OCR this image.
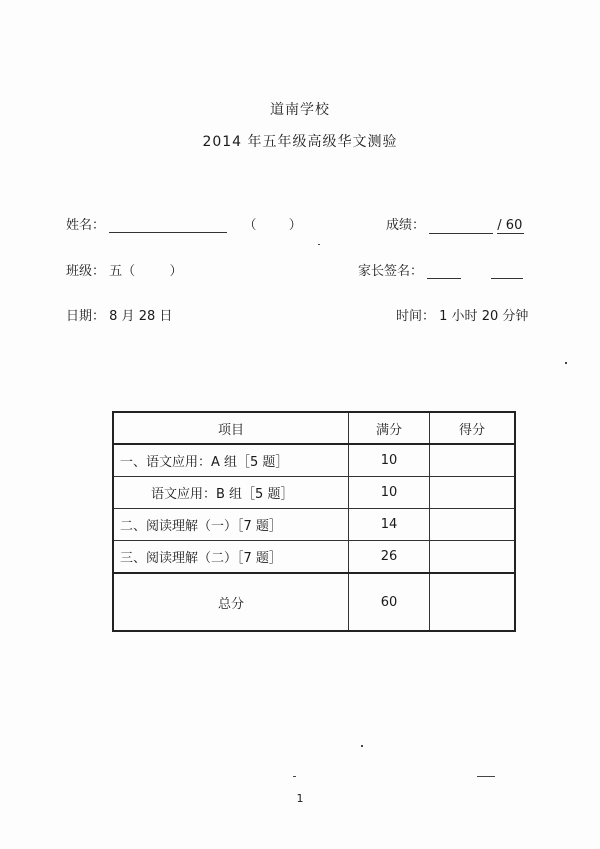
道南学校
2014 年五年级高级华文测验
姓名：	（ ）	成绩：	/ 60
班级： 五（	）	家长签名：
日期： 8 月 28 日	时间： 1 小时 20 分钟
项目	满分	得分
一、语文应用：A 组［5 题］	10	
语文应用：B 组［5 题］	10	
二、阅读理解（一）［7 题］	14	
三、阅读理解（二）［7 题］	26	
总分	60	
1
